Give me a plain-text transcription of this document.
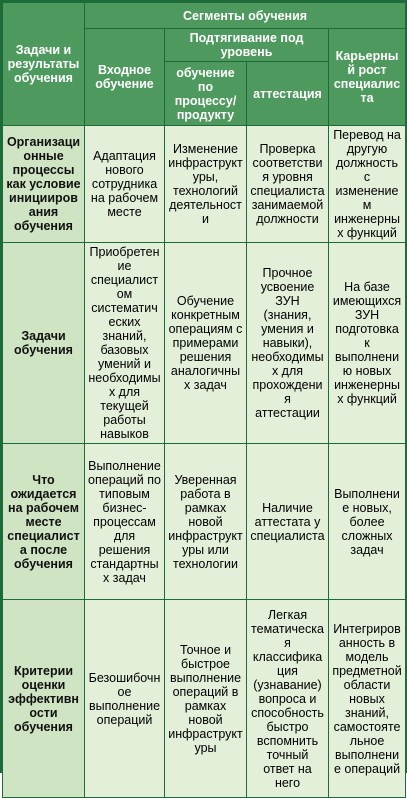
Задачи и результаты обучения	Сегменты обучения			
	Входное обучение	Подтягивание под уровень		Карьерный рост специалиста
		обучение по процессу/продукту	аттестация	
Организационные процессы как условие инициирования обучения	Адаптация нового сотрудника на рабочем месте	Изменение инфраструктуры, технологий деятельности	Проверка соответствия уровня специалиста занимаемой должности	Перевод на другую должность с изменением инженерных функций
Задачи обучения	Приобретение специалистом систематических знаний, базовых умений и необходимых для текущей работы навыков	Обучение конкретным операциям с примерами решения аналогичных задач	Прочное усвоение ЗУН (знания, умения и навыки), необходимых для прохождения аттестации	На базе имеющихся ЗУН подготовка к выполнению новых инженерных функций
Что ожидается на рабочем месте специалиста после обучения	Выполнение операций по типовым бизнес-процессам для решения стандартных задач	Уверенная работа в рамках новой инфраструктуры или технологии	Наличие аттестата у специалиста	Выполнение новых, более сложных задач
Критерии оценки эффективности обучения	Безошибочное выполнение операций	Точное и быстрое выполнение операций в рамках новой инфраструктуры	Легкая тематическая классификация (узнавание) вопроса и способность быстро вспомнить точный ответ на него	Интегрированность в модель предметной области новых знаний, самостоятельное выполнение операций
